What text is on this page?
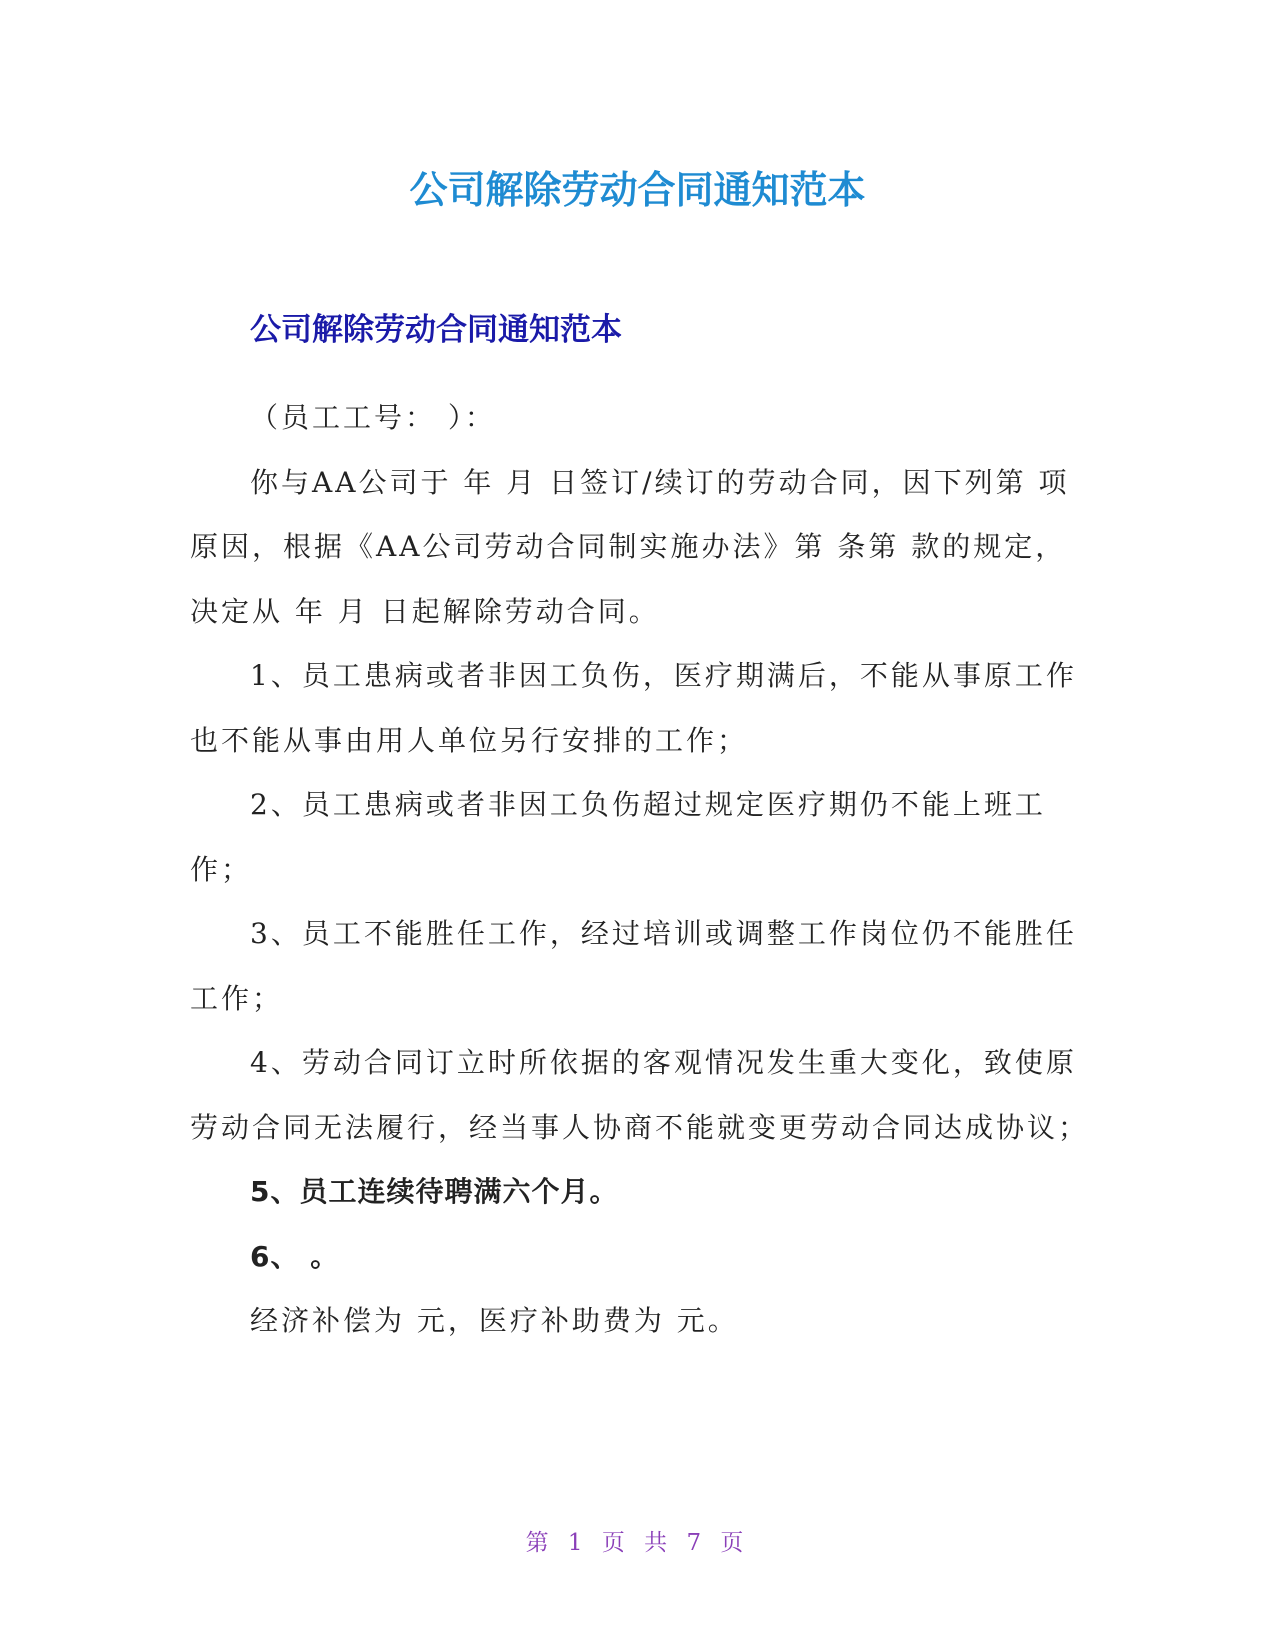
公司解除劳动合同通知范本
公司解除劳动合同通知范本

（员工工号： ）：

你与AA公司于 年 月 日签订/续订的劳动合同，因下列第 项原因，根据《AA公司劳动合同制实施办法》第 条第 款的规定，决定从 年 月 日起解除劳动合同。

1、员工患病或者非因工负伤，医疗期满后，不能从事原工作也不能从事由用人单位另行安排的工作；

2、员工患病或者非因工负伤超过规定医疗期仍不能上班工作；

3、员工不能胜任工作，经过培训或调整工作岗位仍不能胜任工作；

4、劳动合同订立时所依据的客观情况发生重大变化，致使原劳动合同无法履行，经当事人协商不能就变更劳动合同达成协议；

5、员工连续待聘满六个月。

6、 。

经济补偿为 元，医疗补助费为 元。

第 1 页 共 7 页
